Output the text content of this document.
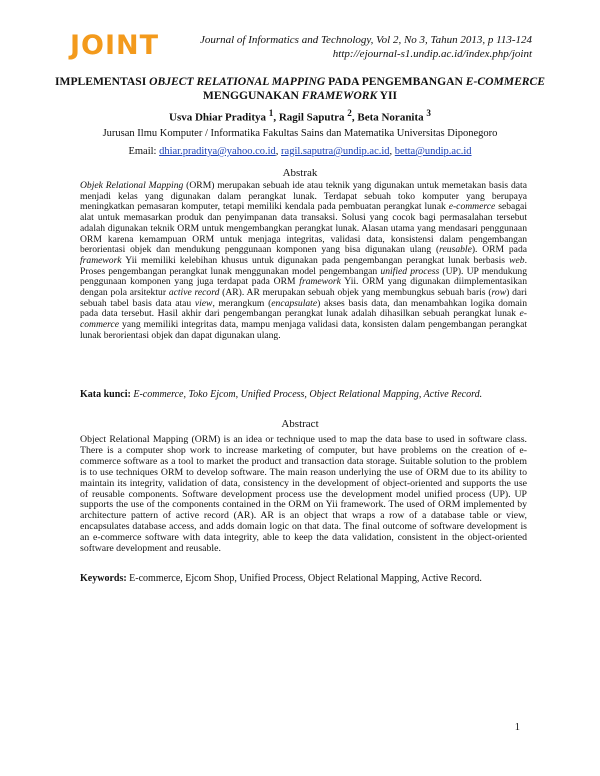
JOINT	Journal of Informatics and Technology, Vol 2, No 3, Tahun 2013, p 113-124
http://ejournal-s1.undip.ac.id/index.php/joint
IMPLEMENTASI OBJECT RELATIONAL MAPPING PADA PENGEMBANGAN E-COMMERCE
MENGGUNAKAN FRAMEWORK YII
Usva Dhiar Praditya $^1$, Ragil Saputra $^2$, Beta Noranita $^3$
Jurusan Ilmu Komputer / Informatika Fakultas Sains dan Matematika Universitas Diponegoro
Email: dhiar.praditya@yahoo.co.id, ragil.saputra@undip.ac.id, betta@undip.ac.id
Abstrak
Objek Relational Mapping (ORM) merupakan sebuah ide atau teknik yang digunakan untuk memetakan basis data menjadi kelas yang digunakan dalam perangkat lunak. Terdapat sebuah toko komputer yang berupaya meningkatkan pemasaran komputer, tetapi memiliki kendala pada pembuatan perangkat lunak e-commerce sebagai alat untuk memasarkan produk dan penyimpanan data transaksi. Solusi yang cocok bagi permasalahan tersebut adalah digunakan teknik ORM untuk mengembangkan perangkat lunak. Alasan utama yang mendasari penggunaan ORM karena kemampuan ORM untuk menjaga integritas, validasi data, konsistensi dalam pengembangan berorientasi objek dan mendukung penggunaan komponen yang bisa digunakan ulang (reusable). ORM pada framework Yii memiliki kelebihan khusus untuk digunakan pada pengembangan perangkat lunak berbasis web. Proses pengembangan perangkat lunak menggunakan model pengembangan unified process (UP). UP mendukung penggunaan komponen yang juga terdapat pada ORM framework Yii. ORM yang digunakan diimplementasikan dengan pola arsitektur active record (AR). AR merupakan sebuah objek yang membungkus sebuah baris (row) dari sebuah tabel basis data atau view, merangkum (encapsulate) akses basis data, dan menambahkan logika domain pada data tersebut. Hasil akhir dari pengembangan perangkat lunak adalah dihasilkan sebuah perangkat lunak e-commerce yang memiliki integritas data, mampu menjaga validasi data, konsisten dalam pengembangan perangkat lunak berorientasi objek dan dapat digunakan ulang.
Kata kunci: E-commerce, Toko Ejcom, Unified Process, Object Relational Mapping, Active Record.
Abstract
Object Relational Mapping (ORM) is an idea or technique used to map the data base to used in software class. There is a computer shop work to increase marketing of computer, but have problems on the creation of e-commerce software as a tool to market the product and transaction data storage. Suitable solution to the problem is to use techniques ORM to develop software. The main reason underlying the use of ORM due to its ability to maintain its integrity, validation of data, consistency in the development of object-oriented and supports the use of reusable components. Software development process use the development model unified process (UP). UP supports the use of the components contained in the ORM on Yii framework. The used of ORM implemented by architecture pattern of active record (AR). AR is an object that wraps a row of a database table or view, encapsulates database access, and adds domain logic on that data. The final outcome of software development is an e-commerce software with data integrity, able to keep the data validation, consistent in the object-oriented software development and reusable.
Keywords: E-commerce, Ejcom Shop, Unified Process, Object Relational Mapping, Active Record.
1
